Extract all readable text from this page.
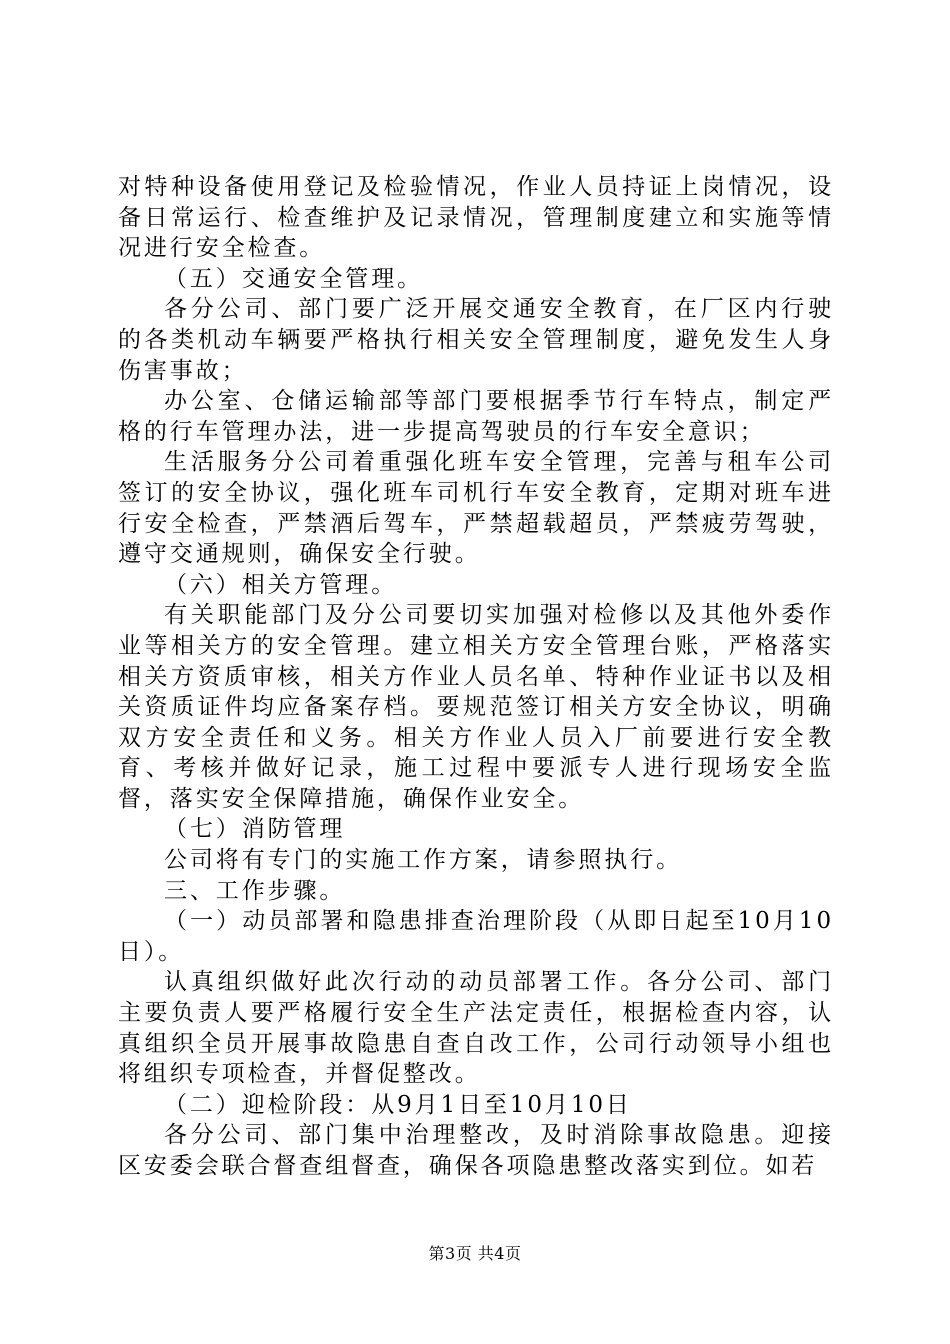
对特种设备使用登记及检验情况，作业人员持证上岗情况，设备日常运行、检查维护及记录情况，管理制度建立和实施等情况进行安全检查。

（五）交通安全管理。

各分公司、部门要广泛开展交通安全教育，在厂区内行驶的各类机动车辆要严格执行相关安全管理制度，避免发生人身伤害事故；

办公室、仓储运输部等部门要根据季节行车特点，制定严格的行车管理办法，进一步提高驾驶员的行车安全意识；

生活服务分公司着重强化班车安全管理，完善与租车公司签订的安全协议，强化班车司机行车安全教育，定期对班车进行安全检查，严禁酒后驾车，严禁超载超员，严禁疲劳驾驶，遵守交通规则，确保安全行驶。

（六）相关方管理。

有关职能部门及分公司要切实加强对检修以及其他外委作业等相关方的安全管理。建立相关方安全管理台账，严格落实相关方资质审核，相关方作业人员名单、特种作业证书以及相关资质证件均应备案存档。要规范签订相关方安全协议，明确双方安全责任和义务。相关方作业人员入厂前要进行安全教育、考核并做好记录，施工过程中要派专人进行现场安全监督，落实安全保障措施，确保作业安全。

（七）消防管理

公司将有专门的实施工作方案，请参照执行。

三、工作步骤。

（一）动员部署和隐患排查治理阶段（从即日起至10月10日）。

认真组织做好此次行动的动员部署工作。各分公司、部门主要负责人要严格履行安全生产法定责任，根据检查内容，认真组织全员开展事故隐患自查自改工作，公司行动领导小组也将组织专项检查，并督促整改。

（二）迎检阶段：从9月1日至10月10日

各分公司、部门集中治理整改，及时消除事故隐患。迎接区安委会联合督查组督查，确保各项隐患整改落实到位。如若

第3页 共4页
